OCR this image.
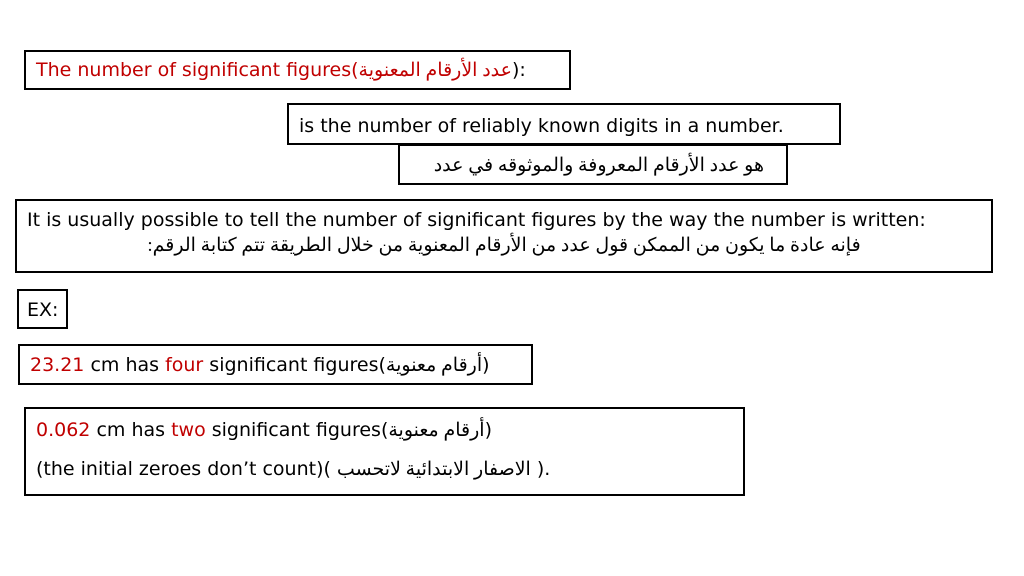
The number of significant figures(عدد الأرقام المعنوية):
is the number of reliably known digits in a number.
هو عدد الأرقام المعروفة والموثوقه في عدد
It is usually possible to tell the number of significant figures by the way the number is written:
فإنه عادة ما يكون من الممكن قول عدد من الأرقام المعنوية من خلال الطريقة تتم كتابة الرقم:
EX:
23.21 cm has four significant figures(أرقام معنوية)
0.062 cm has two significant figures(أرقام معنوية)
(the initial zeroes don’t count)( الاصفار الابتدائية لاتحسب ).
